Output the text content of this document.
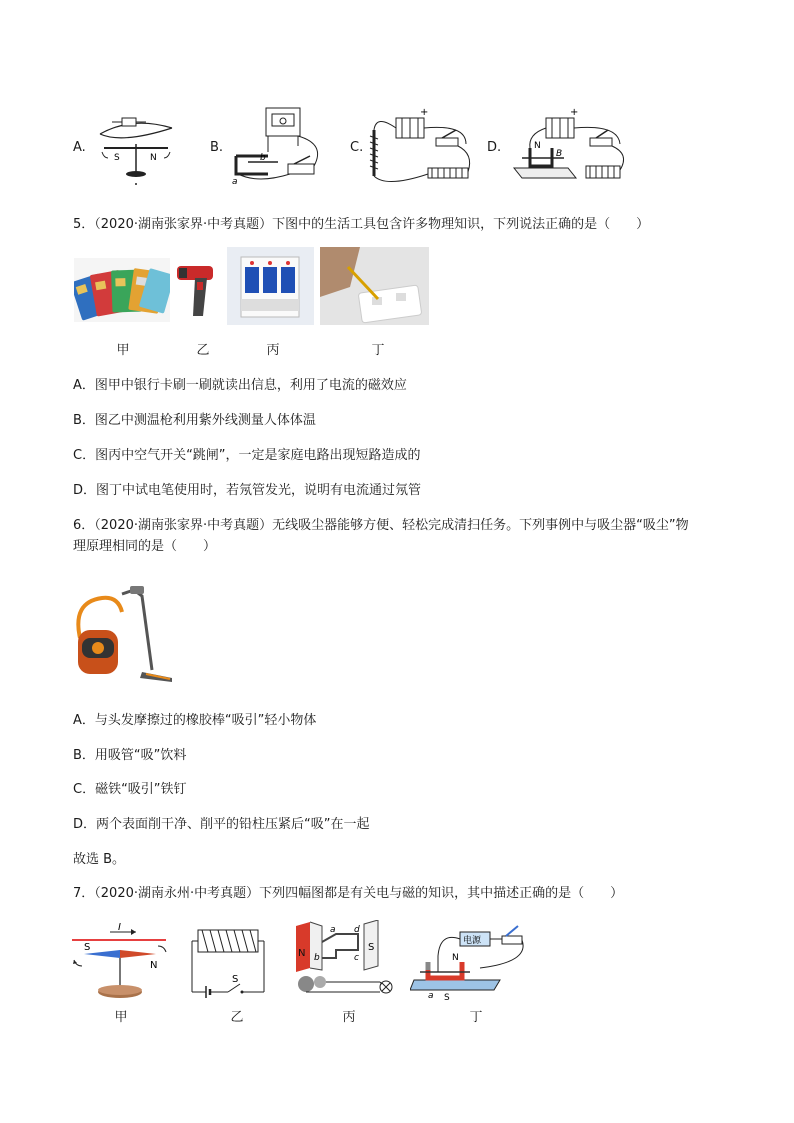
A.
S	N
B.
b
a
C.
+
D.
+
N
B
5．（2020·湖南张家界·中考真题）下图中的生活工具包含许多物理知识，下列说法正确的是（　　）
甲	乙	丙	丁
A．图甲中银行卡刷一刷就读出信息，利用了电流的磁效应
B．图乙中测温枪利用紫外线测量人体体温
C．图丙中空气开关“跳闸”，一定是家庭电路出现短路造成的
D．图丁中试电笔使用时，若氖管发光，说明有电流通过氖管
6．（2020·湖南张家界·中考真题）无线吸尘器能够方便、轻松完成清扫任务。下列事例中与吸尘器“吸尘”物
理原理相同的是（　　）
A．与头发摩擦过的橡胶棒“吸引”轻小物体
B．用吸管“吸”饮料
C．磁铁“吸引”铁钉
D．两个表面削干净、削平的铅柱压紧后“吸”在一起
故选 B。
7．（2020·湖南永州·中考真题）下列四幅图都是有关电与磁的知识，其中描述正确的是（　　）
I
S
N
S
N
S
a
b	c
d
电源
N
S
a
甲	乙	丙	丁
